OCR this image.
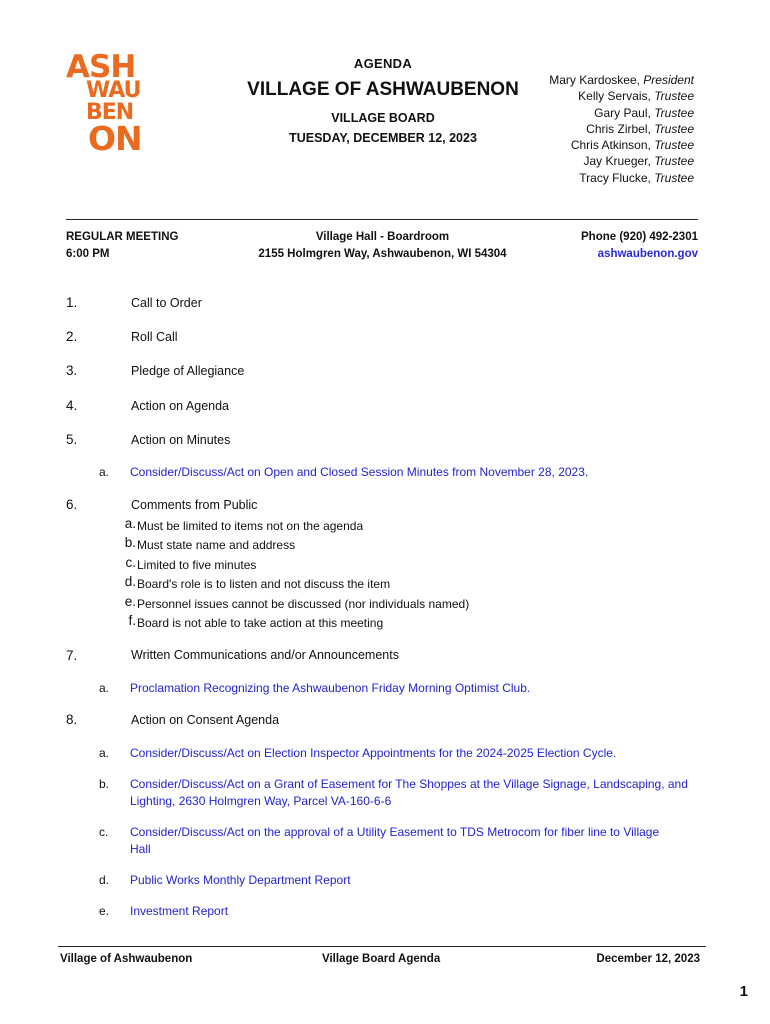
ASH
WAU
BEN
ON
AGENDA
VILLAGE OF ASHWAUBENON
VILLAGE BOARD
TUESDAY, DECEMBER 12, 2023
Mary Kardoskee, President
Kelly Servais, Trustee
Gary Paul, Trustee
Chris Zirbel, Trustee
Chris Atkinson, Trustee
Jay Krueger, Trustee
Tracy Flucke, Trustee
REGULAR MEETING
6:00 PM
Village Hall - Boardroom
2155 Holmgren Way, Ashwaubenon, WI 54304
Phone (920) 492-2301
ashwaubenon.gov
1.	Call to Order
2.	Roll Call
3.	Pledge of Allegiance
4.	Action on Agenda
5.	Action on Minutes
a. Consider/Discuss/Act on Open and Closed Session Minutes from November 28, 2023.
6.	Comments from Public
a. Must be limited to items not on the agenda
b. Must state name and address
c. Limited to five minutes
d. Board's role is to listen and not discuss the item
e. Personnel issues cannot be discussed (nor individuals named)
f. Board is not able to take action at this meeting
7.	Written Communications and/or Announcements
a. Proclamation Recognizing the Ashwaubenon Friday Morning Optimist Club.
8.	Action on Consent Agenda
a. Consider/Discuss/Act on Election Inspector Appointments for the 2024-2025 Election Cycle.
b. Consider/Discuss/Act on a Grant of Easement for The Shoppes at the Village Signage, Landscaping, and
Lighting, 2630 Holmgren Way, Parcel VA-160-6-6
c. Consider/Discuss/Act on the approval of a Utility Easement to TDS Metrocom for fiber line to Village
Hall
d. Public Works Monthly Department Report
e. Investment Report
Village of Ashwaubenon	Village Board Agenda	December 12, 2023
1
